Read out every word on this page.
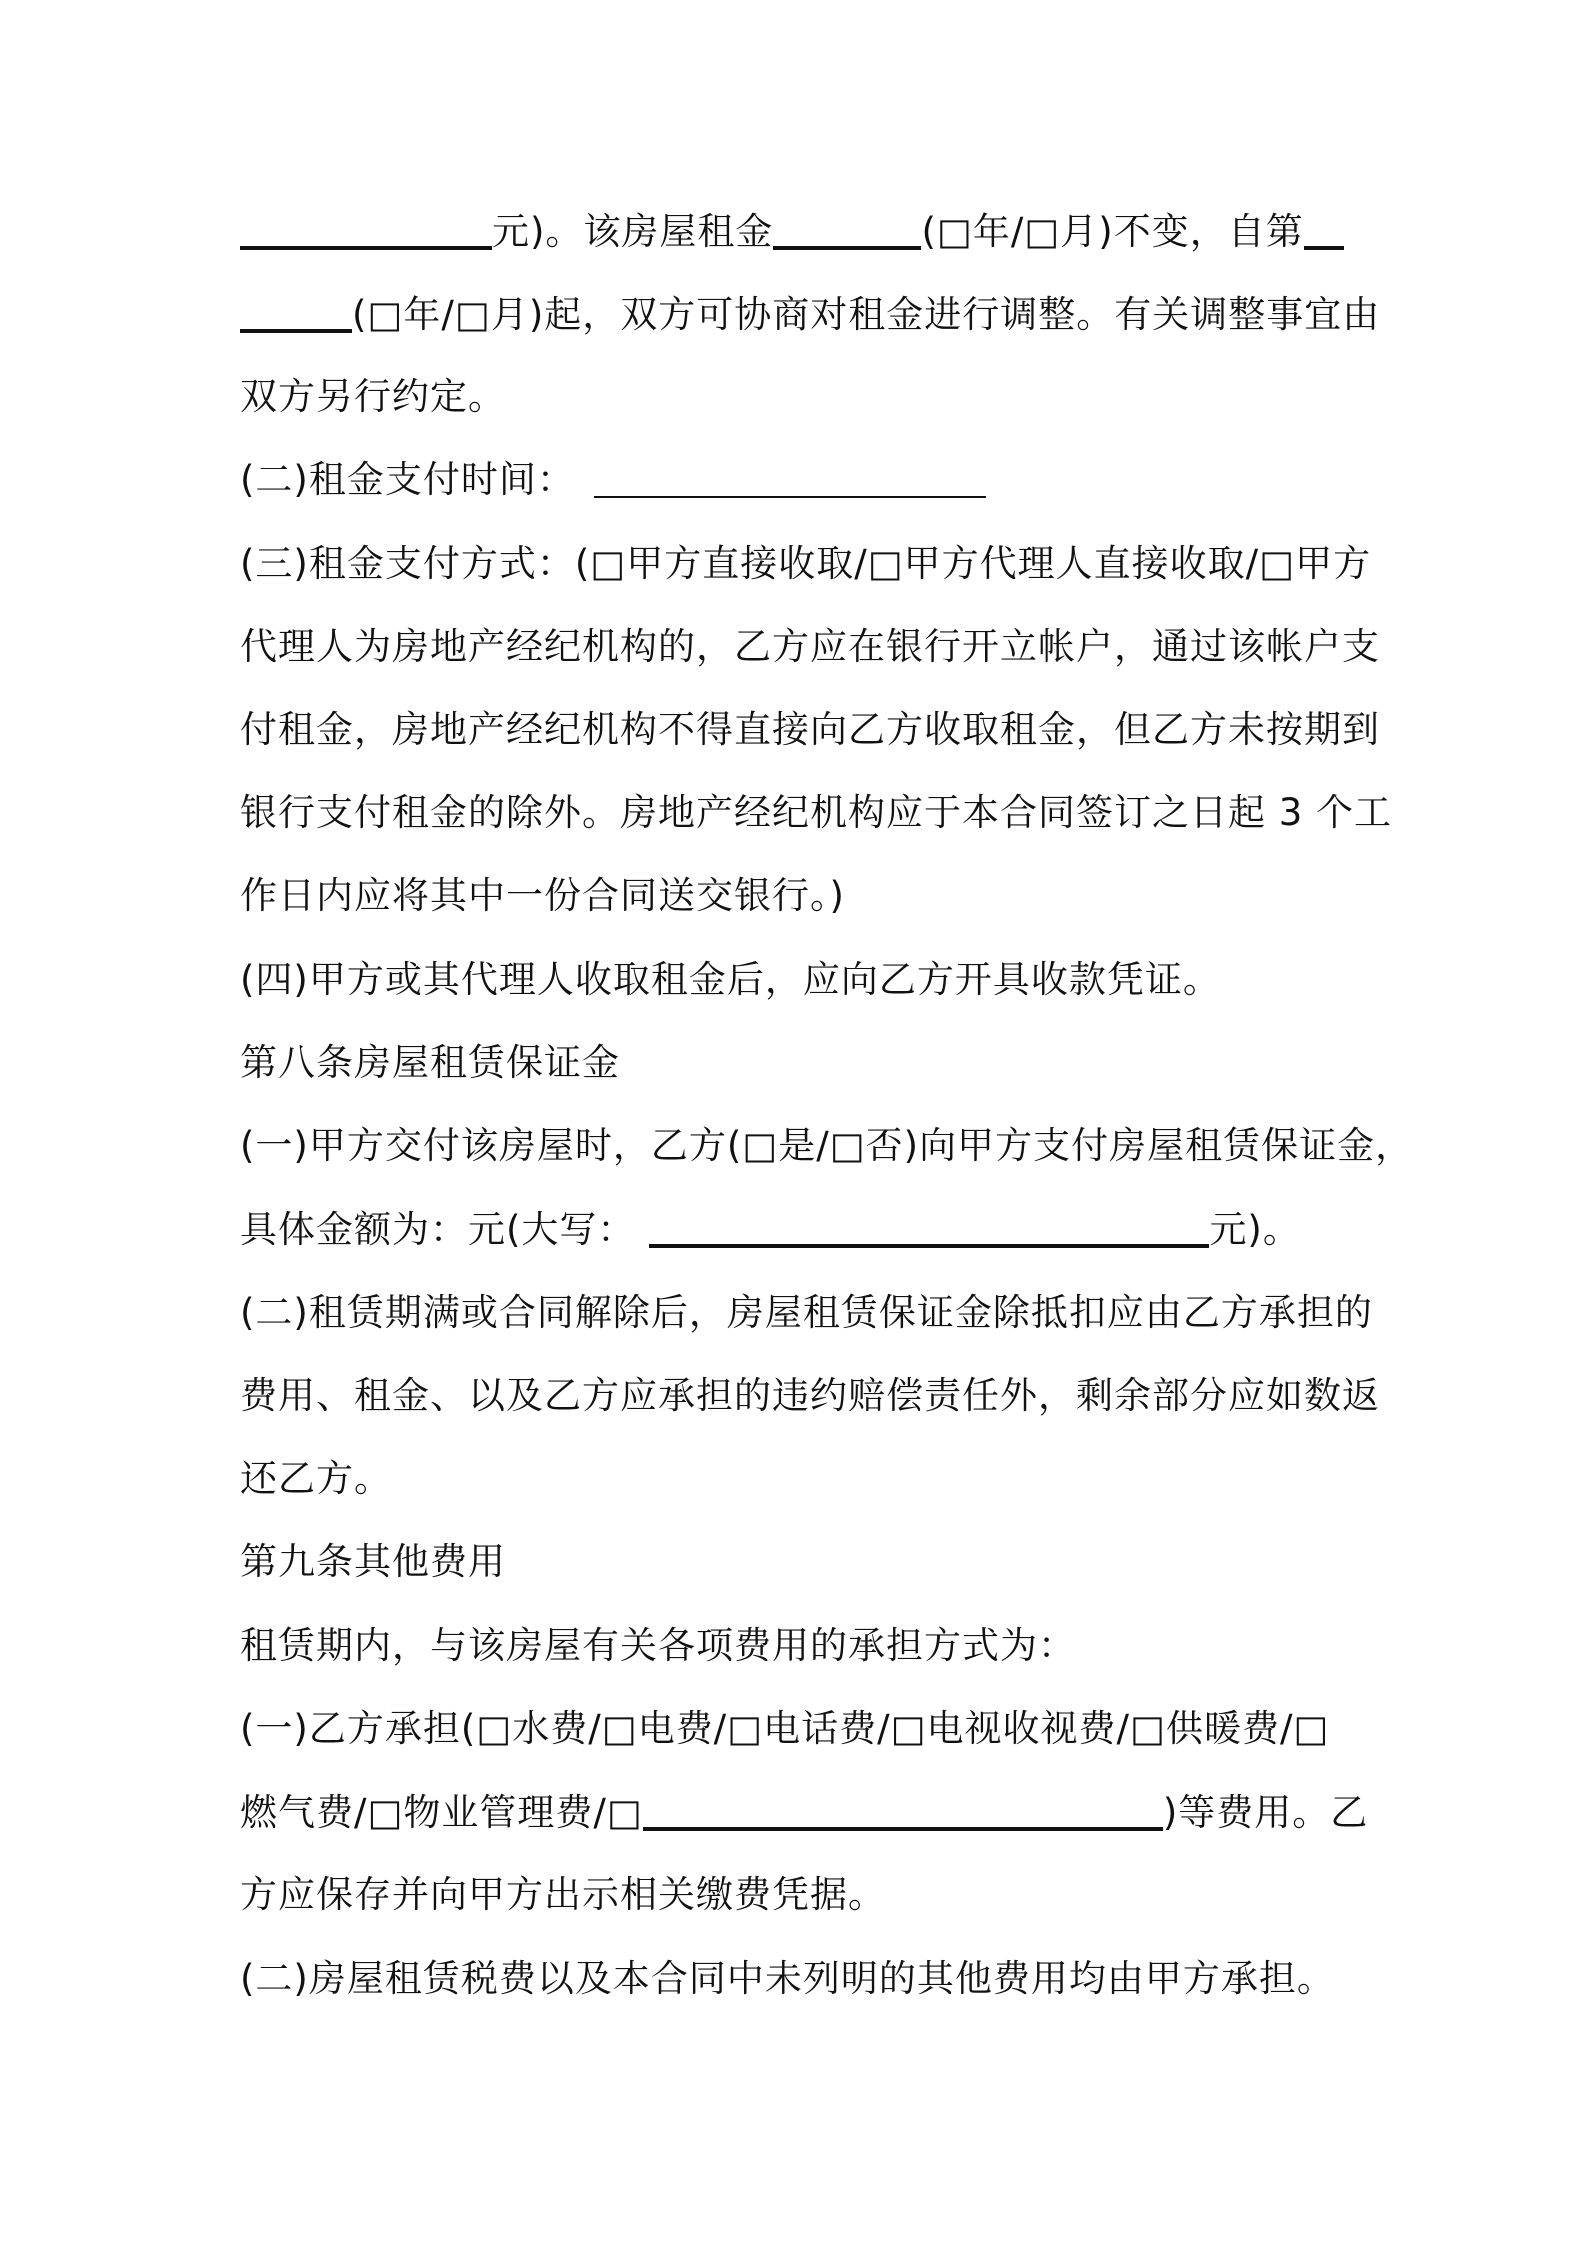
元)。该房屋租金	(□年/□月)不变，自第
(□年/□月)起，双方可协商对租金进行调整。有关调整事宜由
双方另行约定。
(二)租金支付时间：
(三)租金支付方式：(□甲方直接收取/□甲方代理人直接收取/□甲方
代理人为房地产经纪机构的，乙方应在银行开立帐户，通过该帐户支
付租金，房地产经纪机构不得直接向乙方收取租金，但乙方未按期到
银行支付租金的除外。房地产经纪机构应于本合同签订之日起 3 个工
作日内应将其中一份合同送交银行。)
(四)甲方或其代理人收取租金后，应向乙方开具收款凭证。
第八条房屋租赁保证金
(一)甲方交付该房屋时，乙方(□是/□否)向甲方支付房屋租赁保证金，
具体金额为：元(大写：	元)。
(二)租赁期满或合同解除后，房屋租赁保证金除抵扣应由乙方承担的
费用、租金、以及乙方应承担的违约赔偿责任外，剩余部分应如数返
还乙方。
第九条其他费用
租赁期内，与该房屋有关各项费用的承担方式为：
(一)乙方承担(□水费/□电费/□电话费/□电视收视费/□供暖费/□
燃气费/□物业管理费/□	)等费用。乙
方应保存并向甲方出示相关缴费凭据。
(二)房屋租赁税费以及本合同中未列明的其他费用均由甲方承担。
